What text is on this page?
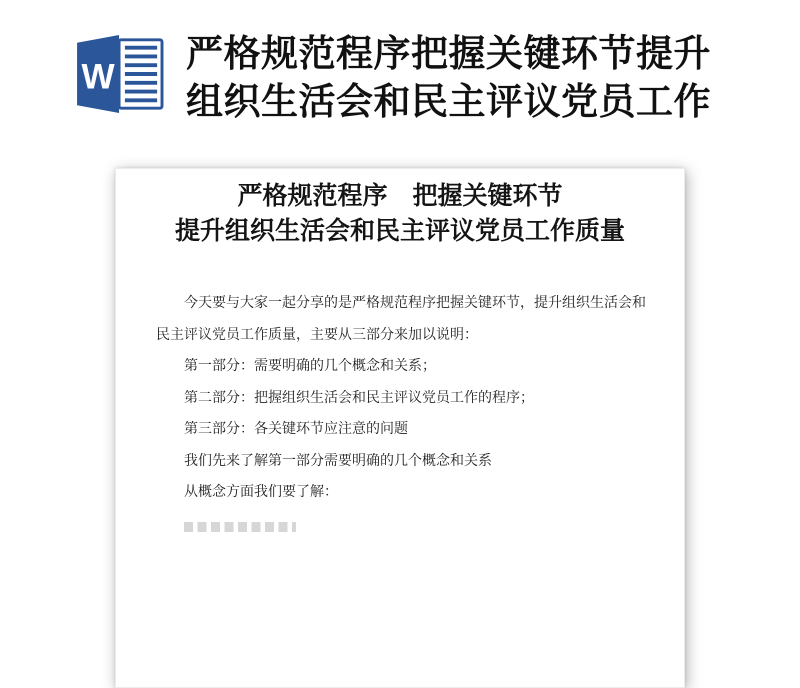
W
严格规范程序把握关键环节提升
组织生活会和民主评议党员工作
严格规范程序　把握关键环节
提升组织生活会和民主评议党员工作质量
今天要与大家一起分享的是严格规范程序把握关键环节，提升组织生活会和
民主评议党员工作质量，主要从三部分来加以说明：
第一部分：需要明确的几个概念和关系；
第二部分：把握组织生活会和民主评议党员工作的程序；
第三部分：各关键环节应注意的问题
我们先来了解第一部分需要明确的几个概念和关系
从概念方面我们要了解：
